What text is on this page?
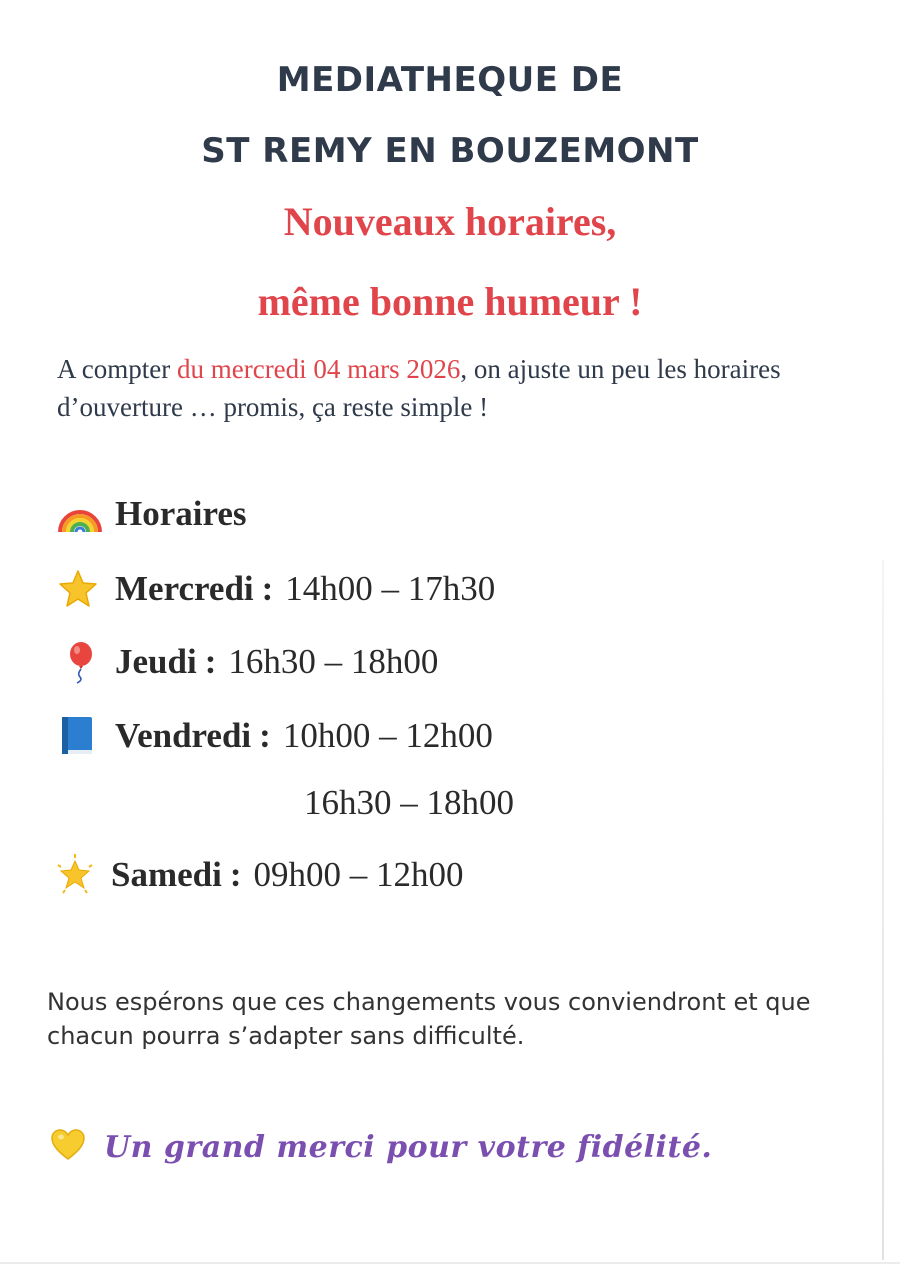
MEDIATHEQUE DE
ST REMY EN BOUZEMONT
Nouveaux horaires,
même bonne humeur !

A compter du mercredi 04 mars 2026, on ajuste un peu les horaires d’ouverture … promis, ça reste simple !

Horaires
Mercredi : 14h00 – 17h30
Jeudi : 16h30 – 18h00
Vendredi : 10h00 – 12h00
16h30 – 18h00
Samedi : 09h00 – 12h00

Nous espérons que ces changements vous conviendront et que chacun pourra s’adapter sans difficulté.

Un grand merci pour votre fidélité.
